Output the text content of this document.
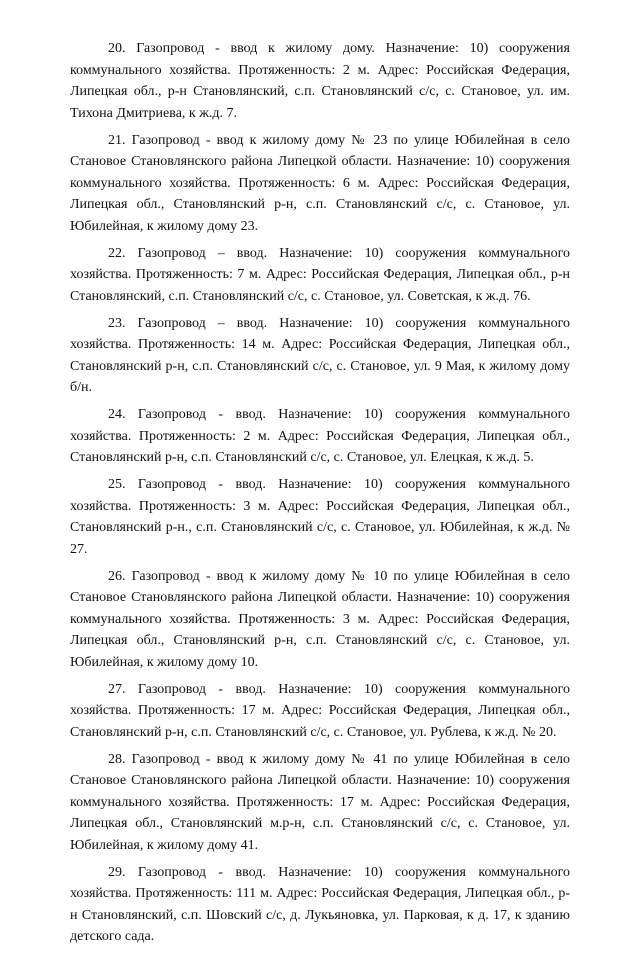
20. Газопровод - ввод к жилому дому. Назначение: 10) сооружения коммунального хозяйства. Протяженность: 2 м. Адрес: Российская Федерация, Липецкая обл., р-н Становлянский, с.п. Становлянский с/с, с. Становое, ул. им. Тихона Дмитриева, к ж.д. 7.

21. Газопровод - ввод к жилому дому № 23 по улице Юбилейная в село Становое Становлянского района Липецкой области. Назначение: 10) сооружения коммунального хозяйства. Протяженность: 6 м. Адрес: Российская Федерация, Липецкая обл., Становлянский р-н, с.п. Становлянский с/с, с. Становое, ул. Юбилейная, к жилому дому 23.

22. Газопровод – ввод. Назначение: 10) сооружения коммунального хозяйства. Протяженность: 7 м. Адрес: Российская Федерация, Липецкая обл., р-н Становлянский, с.п. Становлянский с/с, с. Становое, ул. Советская, к ж.д. 76.

23. Газопровод – ввод. Назначение: 10) сооружения коммунального хозяйства. Протяженность: 14 м. Адрес: Российская Федерация, Липецкая обл., Становлянский р-н, с.п. Становлянский с/с, с. Становое, ул. 9 Мая, к жилому дому б/н.

24. Газопровод - ввод. Назначение: 10) сооружения коммунального хозяйства. Протяженность: 2 м. Адрес: Российская Федерация, Липецкая обл., Становлянский р-н, с.п. Становлянский с/с, с. Становое, ул. Елецкая, к ж.д. 5.

25. Газопровод - ввод. Назначение: 10) сооружения коммунального хозяйства. Протяженность: 3 м. Адрес: Российская Федерация, Липецкая обл., Становлянский р-н., с.п. Становлянский с/с, с. Становое, ул. Юбилейная, к ж.д. № 27.

26. Газопровод - ввод к жилому дому № 10 по улице Юбилейная в село Становое Становлянского района Липецкой области. Назначение: 10) сооружения коммунального хозяйства. Протяженность: 3 м. Адрес: Российская Федерация, Липецкая обл., Становлянский р-н, с.п. Становлянский с/с, с. Становое, ул. Юбилейная, к жилому дому 10.

27. Газопровод - ввод. Назначение: 10) сооружения коммунального хозяйства. Протяженность: 17 м. Адрес: Российская Федерация, Липецкая обл., Становлянский р-н, с.п. Становлянский с/с, с. Становое, ул. Рублева, к ж.д. № 20.

28. Газопровод - ввод к жилому дому № 41 по улице Юбилейная в село Становое Становлянского района Липецкой области. Назначение: 10) сооружения коммунального хозяйства. Протяженность: 17 м. Адрес: Российская Федерация, Липецкая обл., Становлянский м.р-н, с.п. Становлянский с/с, с. Становое, ул. Юбилейная, к жилому дому 41.

29. Газопровод - ввод. Назначение: 10) сооружения коммунального хозяйства. Протяженность: 111 м. Адрес: Российская Федерация, Липецкая обл., р-н Становлянский, с.п. Шовский с/с, д. Лукьяновка, ул. Парковая, к д. 17, к зданию детского сада.
